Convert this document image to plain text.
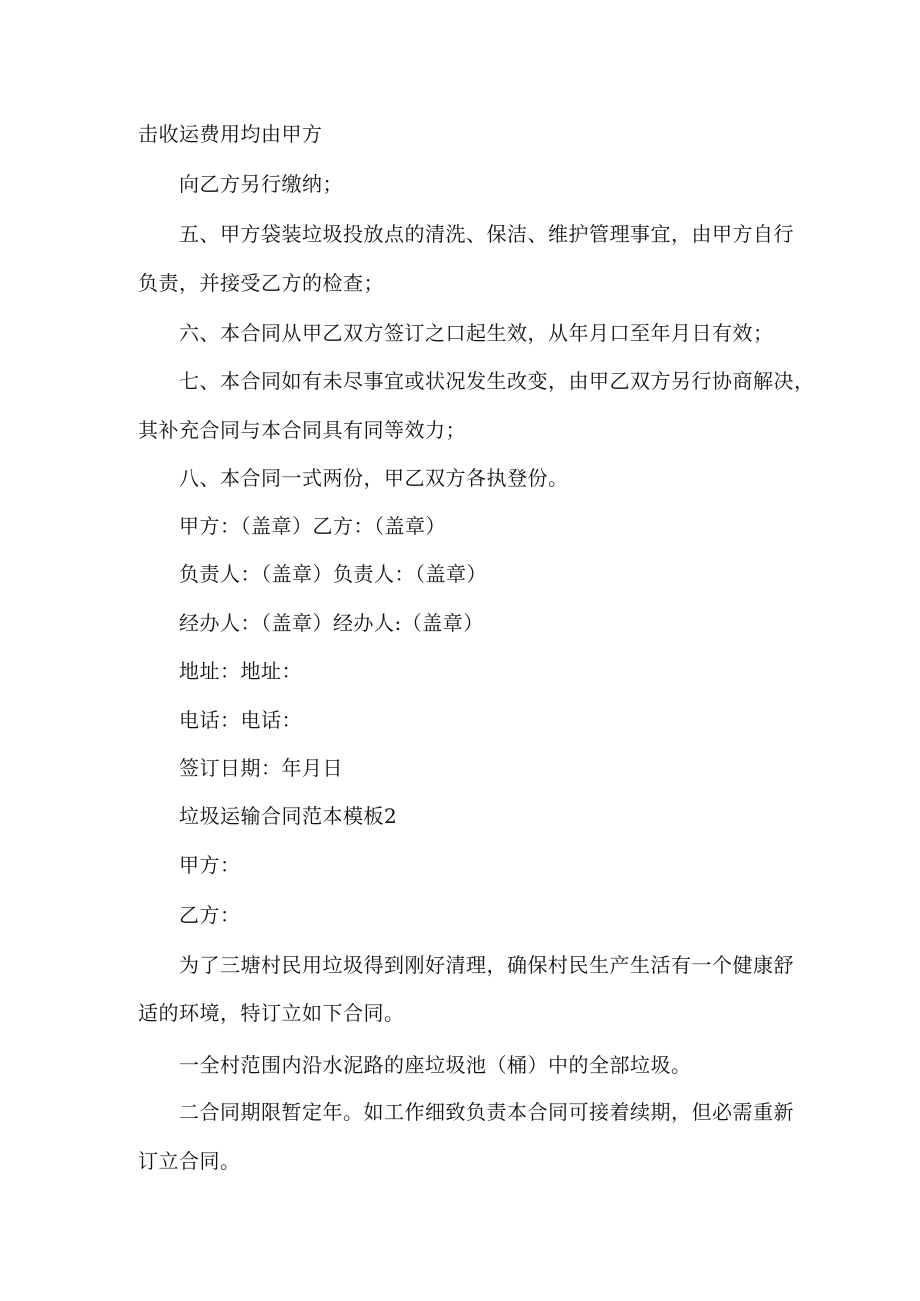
击收运费用均由甲方
向乙方另行缴纳；
五、甲方袋装垃圾投放点的清洗、保洁、维护管理事宜，由甲方自行
负责，并接受乙方的检查；
六、本合同从甲乙双方签订之口起生效，从年月口至年月日有效；
七、本合同如有未尽事宜或状况发生改变，由甲乙双方另行协商解决，
其补充合同与本合同具有同等效力；
八、本合同一式两份，甲乙双方各执登份。
甲方：（盖章）乙方：（盖章）
负责人：（盖章）负责人：（盖章）
经办人：（盖章）经办人:（盖章）
地址：地址：
电话：电话：
签订日期：年月日
垃圾运输合同范本模板2
甲方：
乙方：
为了三塘村民用垃圾得到刚好清理，确保村民生产生活有一个健康舒
适的环境，特订立如下合同。
一全村范围内沿水泥路的座垃圾池（桶）中的全部垃圾。
二合同期限暂定年。如工作细致负责本合同可接着续期，但必需重新
订立合同。
